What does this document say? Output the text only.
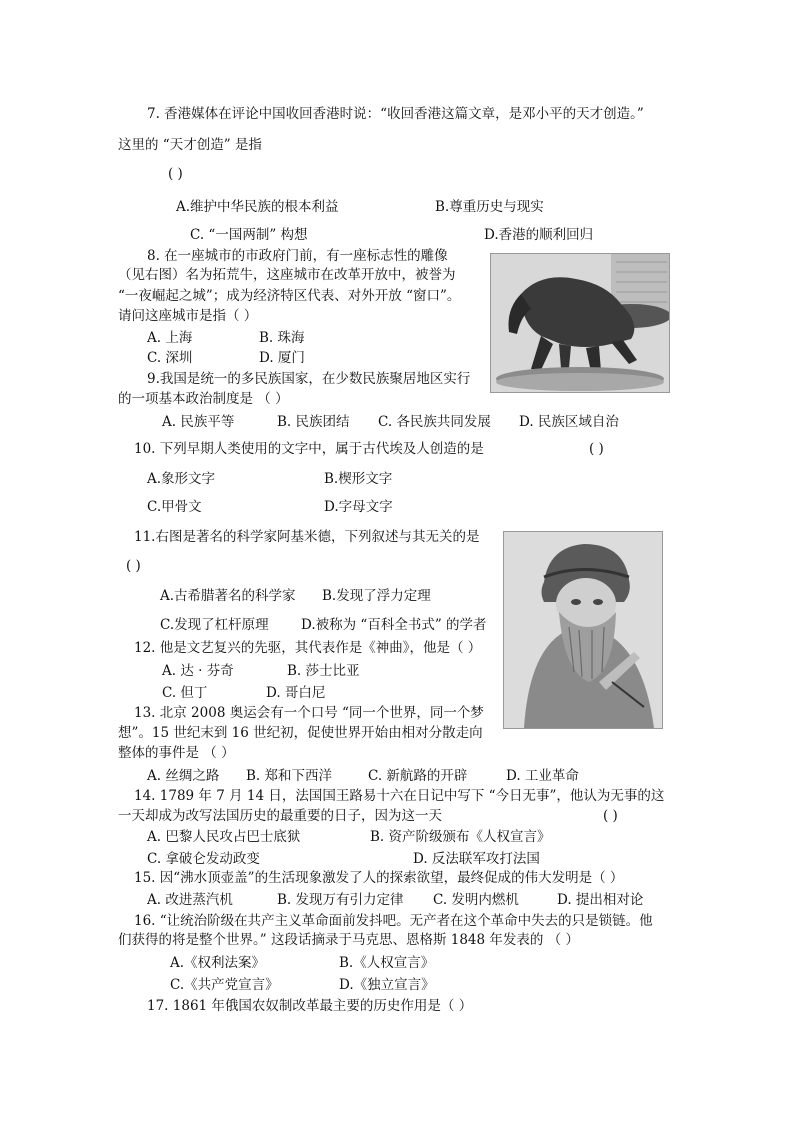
7. 香港媒体在评论中国收回香港时说：“收回香港这篇文章，是邓小平的天才创造。”
这里的 “天才创造” 是指
( )
A.维护中华民族的根本利益	B.尊重历史与现实
C. “一国两制” 构想	D.香港的顺利回归
8. 在一座城市的市政府门前，有一座标志性的雕像
（见右图）名为拓荒牛，这座城市在改革开放中，被誉为
“一夜崛起之城”；成为经济特区代表、对外开放 “窗口”。
请问这座城市是指（ ）
A. 上海	B. 珠海
C. 深圳	D. 厦门
9.我国是统一的多民族国家，在少数民族聚居地区实行
的一项基本政治制度是 （ ）
A. 民族平等	B. 民族团结 C. 各民族共同发展 D. 民族区域自治
10. 下列早期人类使用的文字中，属于古代埃及人创造的是	( )
A.象形文字	B.楔形文字
C.甲骨文	D.字母文字
11.右图是著名的科学家阿基米德，下列叙述与其无关的是
( )
A.古希腊著名的科学家 B.发现了浮力定理
C.发现了杠杆原理 D.被称为 “百科全书式” 的学者
12. 他是文艺复兴的先驱，其代表作是《神曲》，他是（ ）
A. 达 · 芬奇	B. 莎士比亚
C. 但丁	D. 哥白尼
13. 北京 2008 奥运会有一个口号 “同一个世界，同一个梦
想”。15 世纪末到 16 世纪初，促使世界开始由相对分散走向
整体的事件是 （ ）
A. 丝绸之路 B. 郑和下西洋	C. 新航路的开辟	D. 工业革命
14. 1789 年 7 月 14 日，法国国王路易十六在日记中写下 “今日无事”，他认为无事的这
一天却成为改写法国历史的最重要的日子，因为这一天	( )
A. 巴黎人民攻占巴士底狱	B. 资产阶级颁布《人权宣言》
C. 拿破仑发动政变	D. 反法联军攻打法国
15. 因“沸水顶壶盖”的生活现象激发了人的探索欲望，最终促成的伟大发明是（ ）
A. 改进蒸汽机	B. 发现万有引力定律 C. 发明内燃机	D. 提出相对论
16. “让统治阶级在共产主义革命面前发抖吧。无产者在这个革命中失去的只是锁链。他
们获得的将是整个世界。” 这段话摘录于马克思、恩格斯 1848 年发表的 （ ）
A.《权利法案》	B.《人权宣言》
C.《共产党宣言》	D.《独立宣言》
17. 1861 年俄国农奴制改革最主要的历史作用是（ ）
